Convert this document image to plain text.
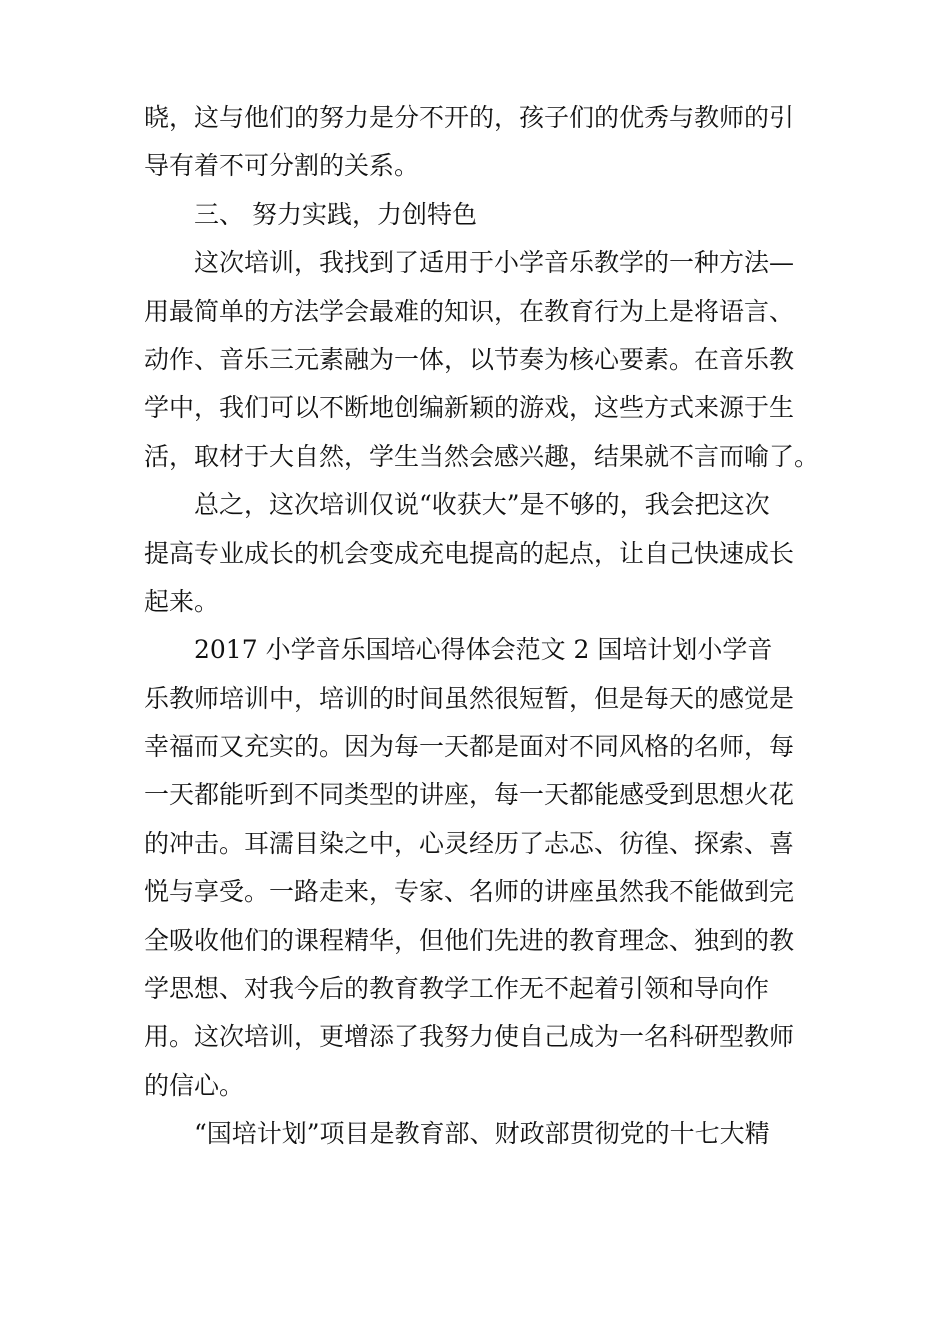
晓，这与他们的努力是分不开的，孩子们的优秀与教师的引
导有着不可分割的关系。
三、 努力实践，力创特色
这次培训，我找到了适用于小学音乐教学的一种方法—
用最简单的方法学会最难的知识，在教育行为上是将语言、
动作、音乐三元素融为一体，以节奏为核心要素。在音乐教
学中，我们可以不断地创编新颖的游戏，这些方式来源于生
活，取材于大自然，学生当然会感兴趣，结果就不言而喻了。
总之，这次培训仅说“收获大”是不够的，我会把这次
提高专业成长的机会变成充电提高的起点，让自己快速成长
起来。
2017 小学音乐国培心得体会范文 2 国培计划小学音
乐教师培训中，培训的时间虽然很短暂，但是每天的感觉是
幸福而又充实的。因为每一天都是面对不同风格的名师，每
一天都能听到不同类型的讲座，每一天都能感受到思想火花
的冲击。耳濡目染之中，心灵经历了忐忑、彷徨、探索、喜
悦与享受。一路走来，专家、名师的讲座虽然我不能做到完
全吸收他们的课程精华，但他们先进的教育理念、独到的教
学思想、对我今后的教育教学工作无不起着引领和导向作
用。这次培训，更增添了我努力使自己成为一名科研型教师
的信心。
“国培计划”项目是教育部、财政部贯彻党的十七大精
